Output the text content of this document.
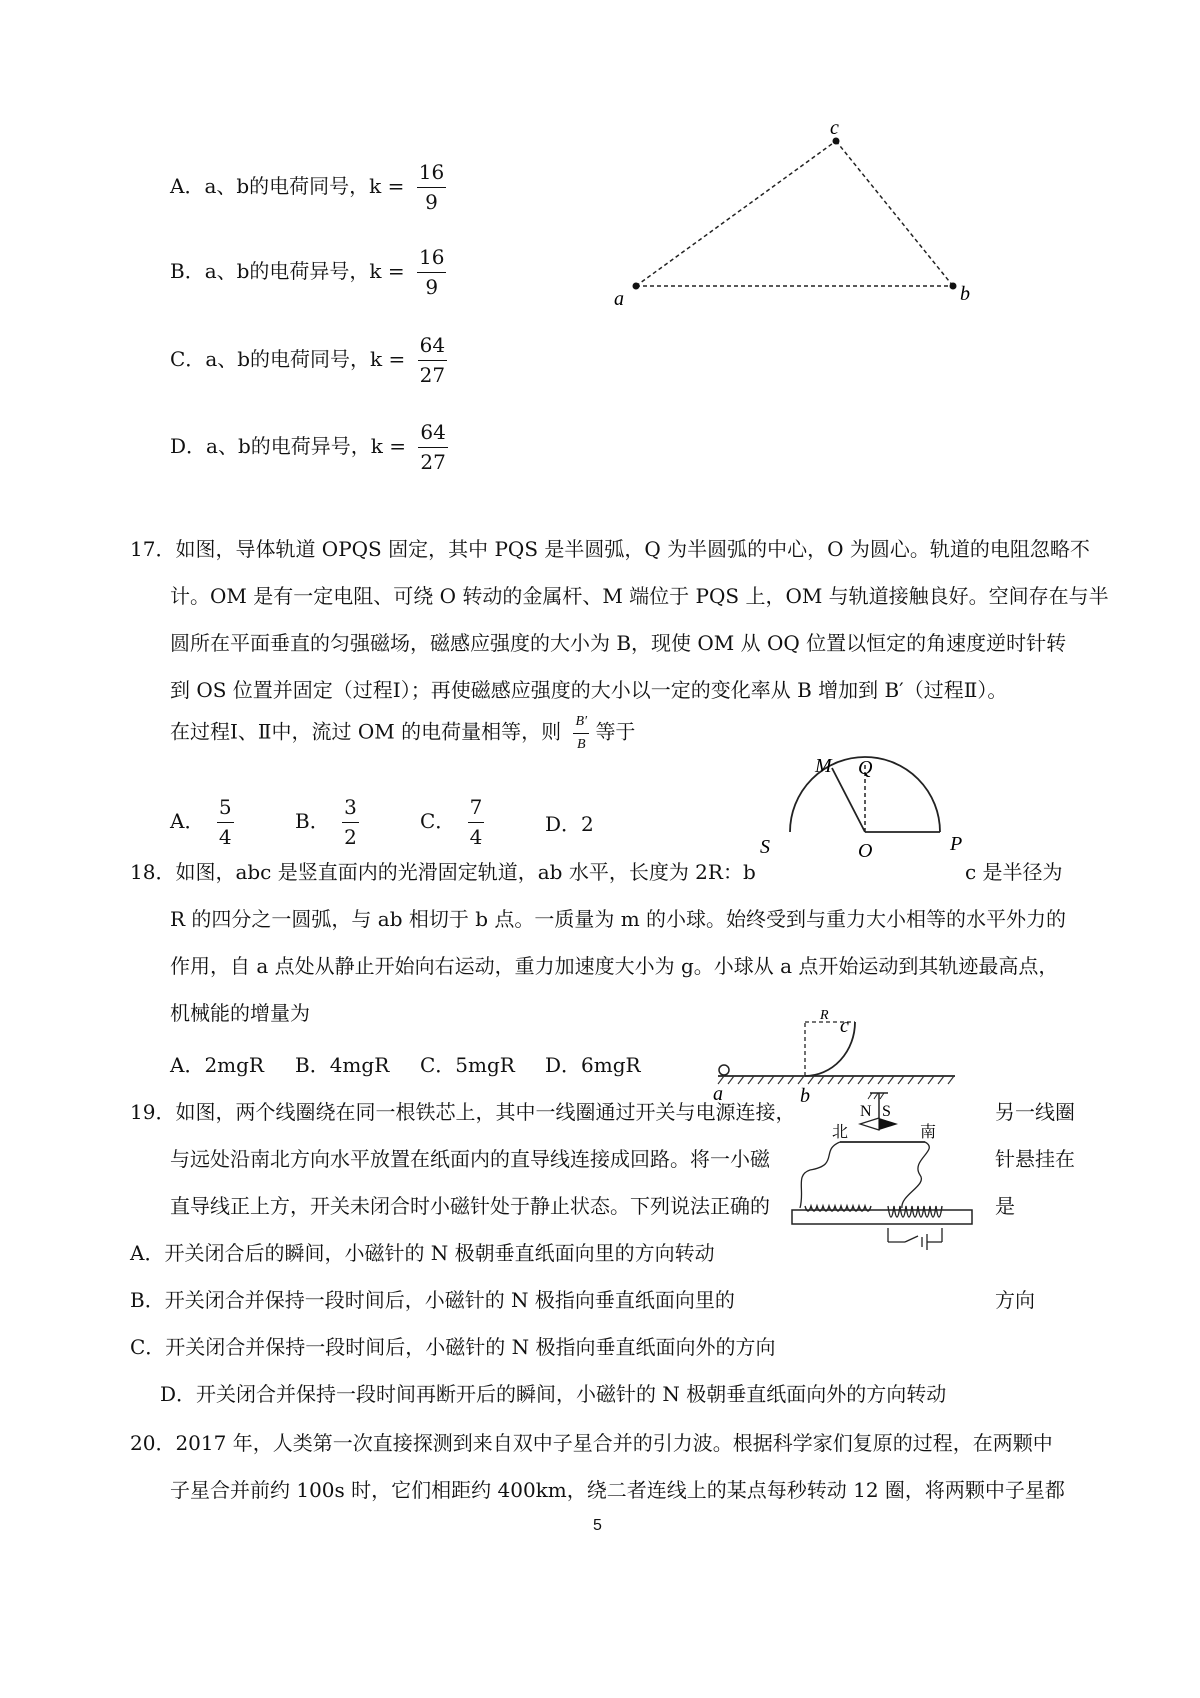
A．a、b的电荷同号，$k = \frac{16}{9}$
B．a、b的电荷异号，$k = \frac{16}{9}$
C．a、b的电荷同号，$k = \frac{64}{27}$
D．a、b的电荷异号，$k = \frac{64}{27}$
a	b
c
17．如图，导体轨道 OPQS 固定，其中 PQS 是半圆弧，Q 为半圆弧的中心，O 为圆心。轨道的电阻忽略不
计。OM 是有一定电阻、可绕 O 转动的金属杆、M 端位于 PQS 上，OM 与轨道接触良好。空间存在与半
圆所在平面垂直的匀强磁场，磁感应强度的大小为 B，现使 OM 从 OQ 位置以恒定的角速度逆时针转
到 OS 位置并固定（过程Ⅰ）；再使磁感应强度的大小以一定的变化率从 B 增加到 B′（过程Ⅱ）。
在过程Ⅰ、Ⅱ中，流过 OM 的电荷量相等，则 $\frac{B'}{B}$ 等于
A． $\frac{5}{4}$	B． $\frac{3}{2}$	C． $\frac{7}{4}$	D．2
M Q
S	O	P
18．如图，abc 是竖直面内的光滑固定轨道，ab 水平，长度为 2R：b	c 是半径为
R 的四分之一圆弧，与 ab 相切于 b 点。一质量为 m 的小球。始终受到与重力大小相等的水平外力的
作用，自 a 点处从静止开始向右运动，重力加速度大小为 g。小球从 a 点开始运动到其轨迹最高点，
机械能的增量为
A．2mgR B．4mgR C．5mgR D．6mgR
R c
a	b
19．如图，两个线圈绕在同一根铁芯上，其中一线圈通过开关与电源连接，	另一线圈
与远处沿南北方向水平放置在纸面内的直导线连接成回路。将一小磁	针悬挂在
直导线正上方，开关未闭合时小磁针处于静止状态。下列说法正确的	是
A．开关闭合后的瞬间，小磁针的 N 极朝垂直纸面向里的方向转动
B．开关闭合并保持一段时间后，小磁针的 N 极指向垂直纸面向里的	方向
C．开关闭合并保持一段时间后，小磁针的 N 极指向垂直纸面向外的方向
D．开关闭合并保持一段时间再断开后的瞬间，小磁针的 N 极朝垂直纸面向外的方向转动
N S
北	南
20．2017 年，人类第一次直接探测到来自双中子星合并的引力波。根据科学家们复原的过程，在两颗中
子星合并前约 100s 时，它们相距约 400km，绕二者连线上的某点每秒转动 12 圈，将两颗中子星都
5
